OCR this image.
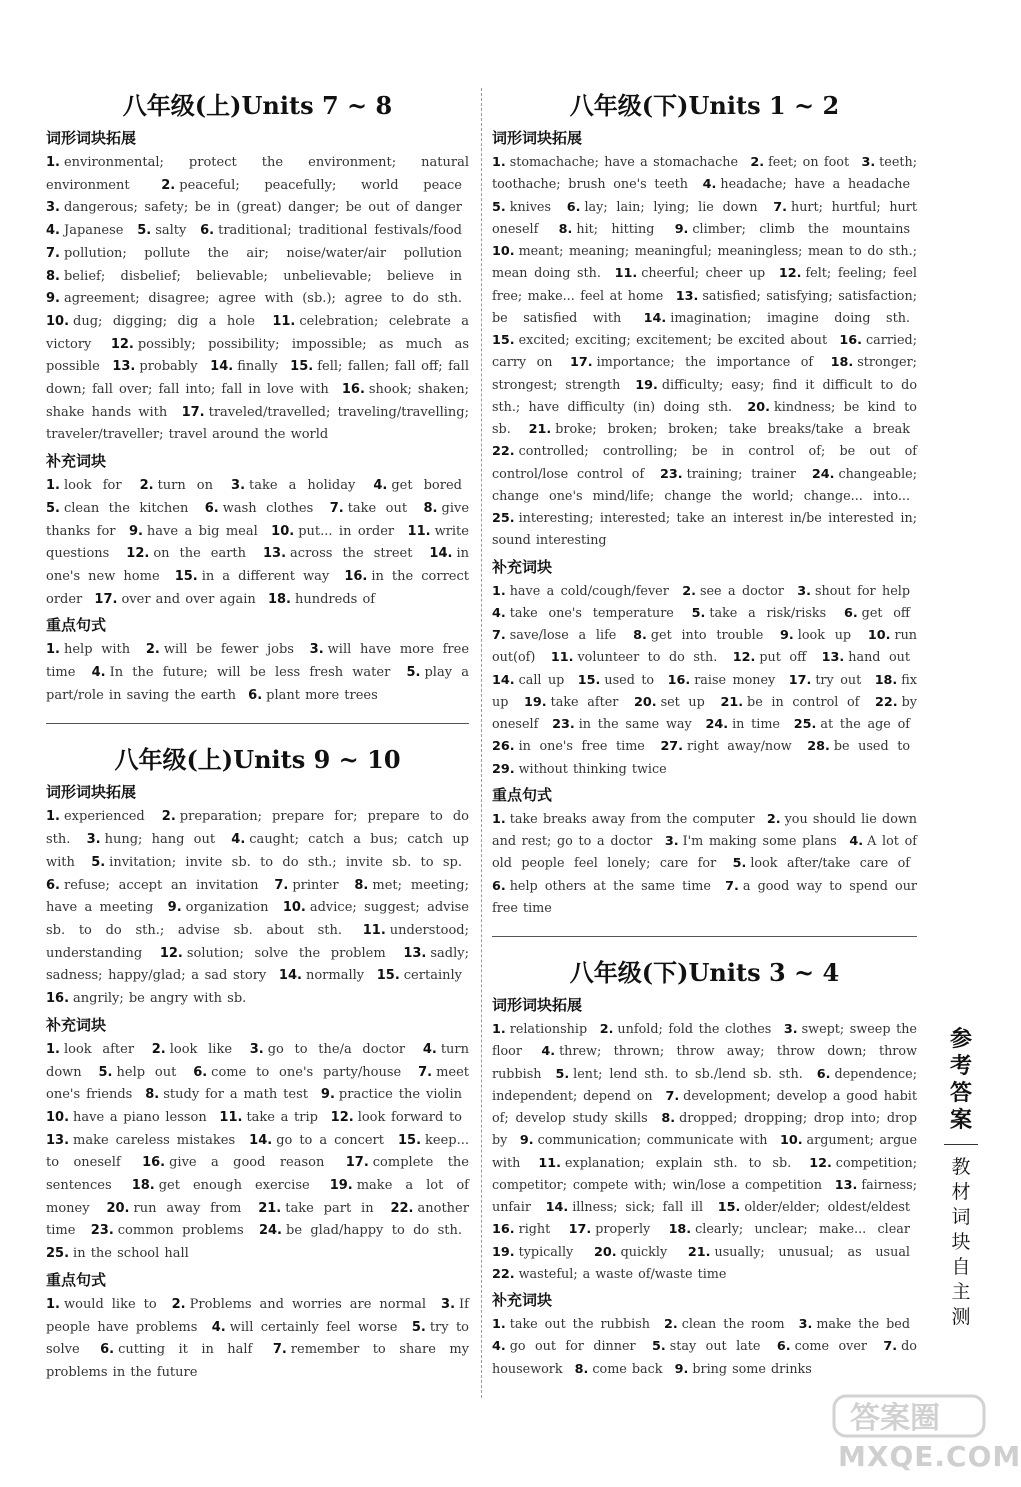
八年级(上)Units 7 ~ 8
词形词块拓展

1. environmental; protect the environment; natural environment 2. peaceful; peacefully; world peace 3. dangerous; safety; be in (great) danger; be out of danger 4. Japanese 5. salty 6. traditional; traditional festivals/food 7. pollution; pollute the air; noise/water/air pollution 8. belief; disbelief; believable; unbelievable; believe in 9. agreement; disagree; agree with (sb.); agree to do sth. 10. dug; digging; dig a hole 11. celebration; celebrate a victory 12. possibly; possibility; impossible; as much as possible 13. probably 14. finally 15. fell; fallen; fall off; fall down; fall over; fall into; fall in love with 16. shook; shaken; shake hands with 17. traveled/travelled; traveling/travelling; traveler/traveller; travel around the world

补充词块

1. look for 2. turn on 3. take a holiday 4. get bored 5. clean the kitchen 6. wash clothes 7. take out 8. give thanks for 9. have a big meal 10. put... in order 11. write questions 12. on the earth 13. across the street 14. in one's new home 15. in a different way 16. in the correct order 17. over and over again 18. hundreds of

重点句式

1. help with 2. will be fewer jobs 3. will have more free time 4. In the future; will be less fresh water 5. play a part/role in saving the earth 6. plant more trees

八年级(上)Units 9 ~ 10
词形词块拓展

1. experienced 2. preparation; prepare for; prepare to do sth. 3. hung; hang out 4. caught; catch a bus; catch up with 5. invitation; invite sb. to do sth.; invite sb. to sp. 6. refuse; accept an invitation 7. printer 8. met; meeting; have a meeting 9. organization 10. advice; suggest; advise sb. to do sth.; advise sb. about sth. 11. understood; understanding 12. solution; solve the problem 13. sadly; sadness; happy/glad; a sad story 14. normally 15. certainly 16. angrily; be angry with sb.

补充词块

1. look after 2. look like 3. go to the/a doctor 4. turn down 5. help out 6. come to one's party/house 7. meet one's friends 8. study for a math test 9. practice the violin 10. have a piano lesson 11. take a trip 12. look forward to 13. make careless mistakes 14. go to a concert 15. keep... to oneself 16. give a good reason 17. complete the sentences 18. get enough exercise 19. make a lot of money 20. run away from 21. take part in 22. another time 23. common problems 24. be glad/happy to do sth. 25. in the school hall

重点句式

1. would like to 2. Problems and worries are normal 3. If people have problems 4. will certainly feel worse 5. try to solve 6. cutting it in half 7. remember to share my problems in the future

八年级(下)Units 1 ~ 2
词形词块拓展

1. stomachache; have a stomachache 2. feet; on foot 3. teeth; toothache; brush one's teeth 4. headache; have a headache 5. knives 6. lay; lain; lying; lie down 7. hurt; hurtful; hurt oneself 8. hit; hitting 9. climber; climb the mountains 10. meant; meaning; meaningful; meaningless; mean to do sth.; mean doing sth. 11. cheerful; cheer up 12. felt; feeling; feel free; make... feel at home 13. satisfied; satisfying; satisfaction; be satisfied with 14. imagination; imagine doing sth. 15. excited; exciting; excitement; be excited about 16. carried; carry on 17. importance; the importance of 18. stronger; strongest; strength 19. difficulty; easy; find it difficult to do sth.; have difficulty (in) doing sth. 20. kindness; be kind to sb. 21. broke; broken; broken; take breaks/take a break 22. controlled; controlling; be in control of; be out of control/lose control of 23. training; trainer 24. changeable; change one's mind/life; change the world; change... into... 25. interesting; interested; take an interest in/be interested in; sound interesting

补充词块

1. have a cold/cough/fever 2. see a doctor 3. shout for help 4. take one's temperature 5. take a risk/risks 6. get off 7. save/lose a life 8. get into trouble 9. look up 10. run out(of) 11. volunteer to do sth. 12. put off 13. hand out 14. call up 15. used to 16. raise money 17. try out 18. fix up 19. take after 20. set up 21. be in control of 22. by oneself 23. in the same way 24. in time 25. at the age of 26. in one's free time 27. right away/now 28. be used to 29. without thinking twice

重点句式

1. take breaks away from the computer 2. you should lie down and rest; go to a doctor 3. I'm making some plans 4. A lot of old people feel lonely; care for 5. look after/take care of 6. help others at the same time 7. a good way to spend our free time

八年级(下)Units 3 ~ 4
词形词块拓展

1. relationship 2. unfold; fold the clothes 3. swept; sweep the floor 4. threw; thrown; throw away; throw down; throw rubbish 5. lent; lend sth. to sb./lend sb. sth. 6. dependence; independent; depend on 7. development; develop a good habit of; develop study skills 8. dropped; dropping; drop into; drop by 9. communication; communicate with 10. argument; argue with 11. explanation; explain sth. to sb. 12. competition; competitor; compete with; win/lose a competition 13. fairness; unfair 14. illness; sick; fall ill 15. older/elder; oldest/eldest 16. right 17. properly 18. clearly; unclear; make... clear 19. typically 20. quickly 21. usually; unusual; as usual 22. wasteful; a waste of/waste time

补充词块

1. take out the rubbish 2. clean the room 3. make the bed 4. go out for dinner 5. stay out late 6. come over 7. do housework 8. come back 9. bring some drinks

参
考
答
案
教
材
词
块
自
主
测
答案圈
MXQE.COM
